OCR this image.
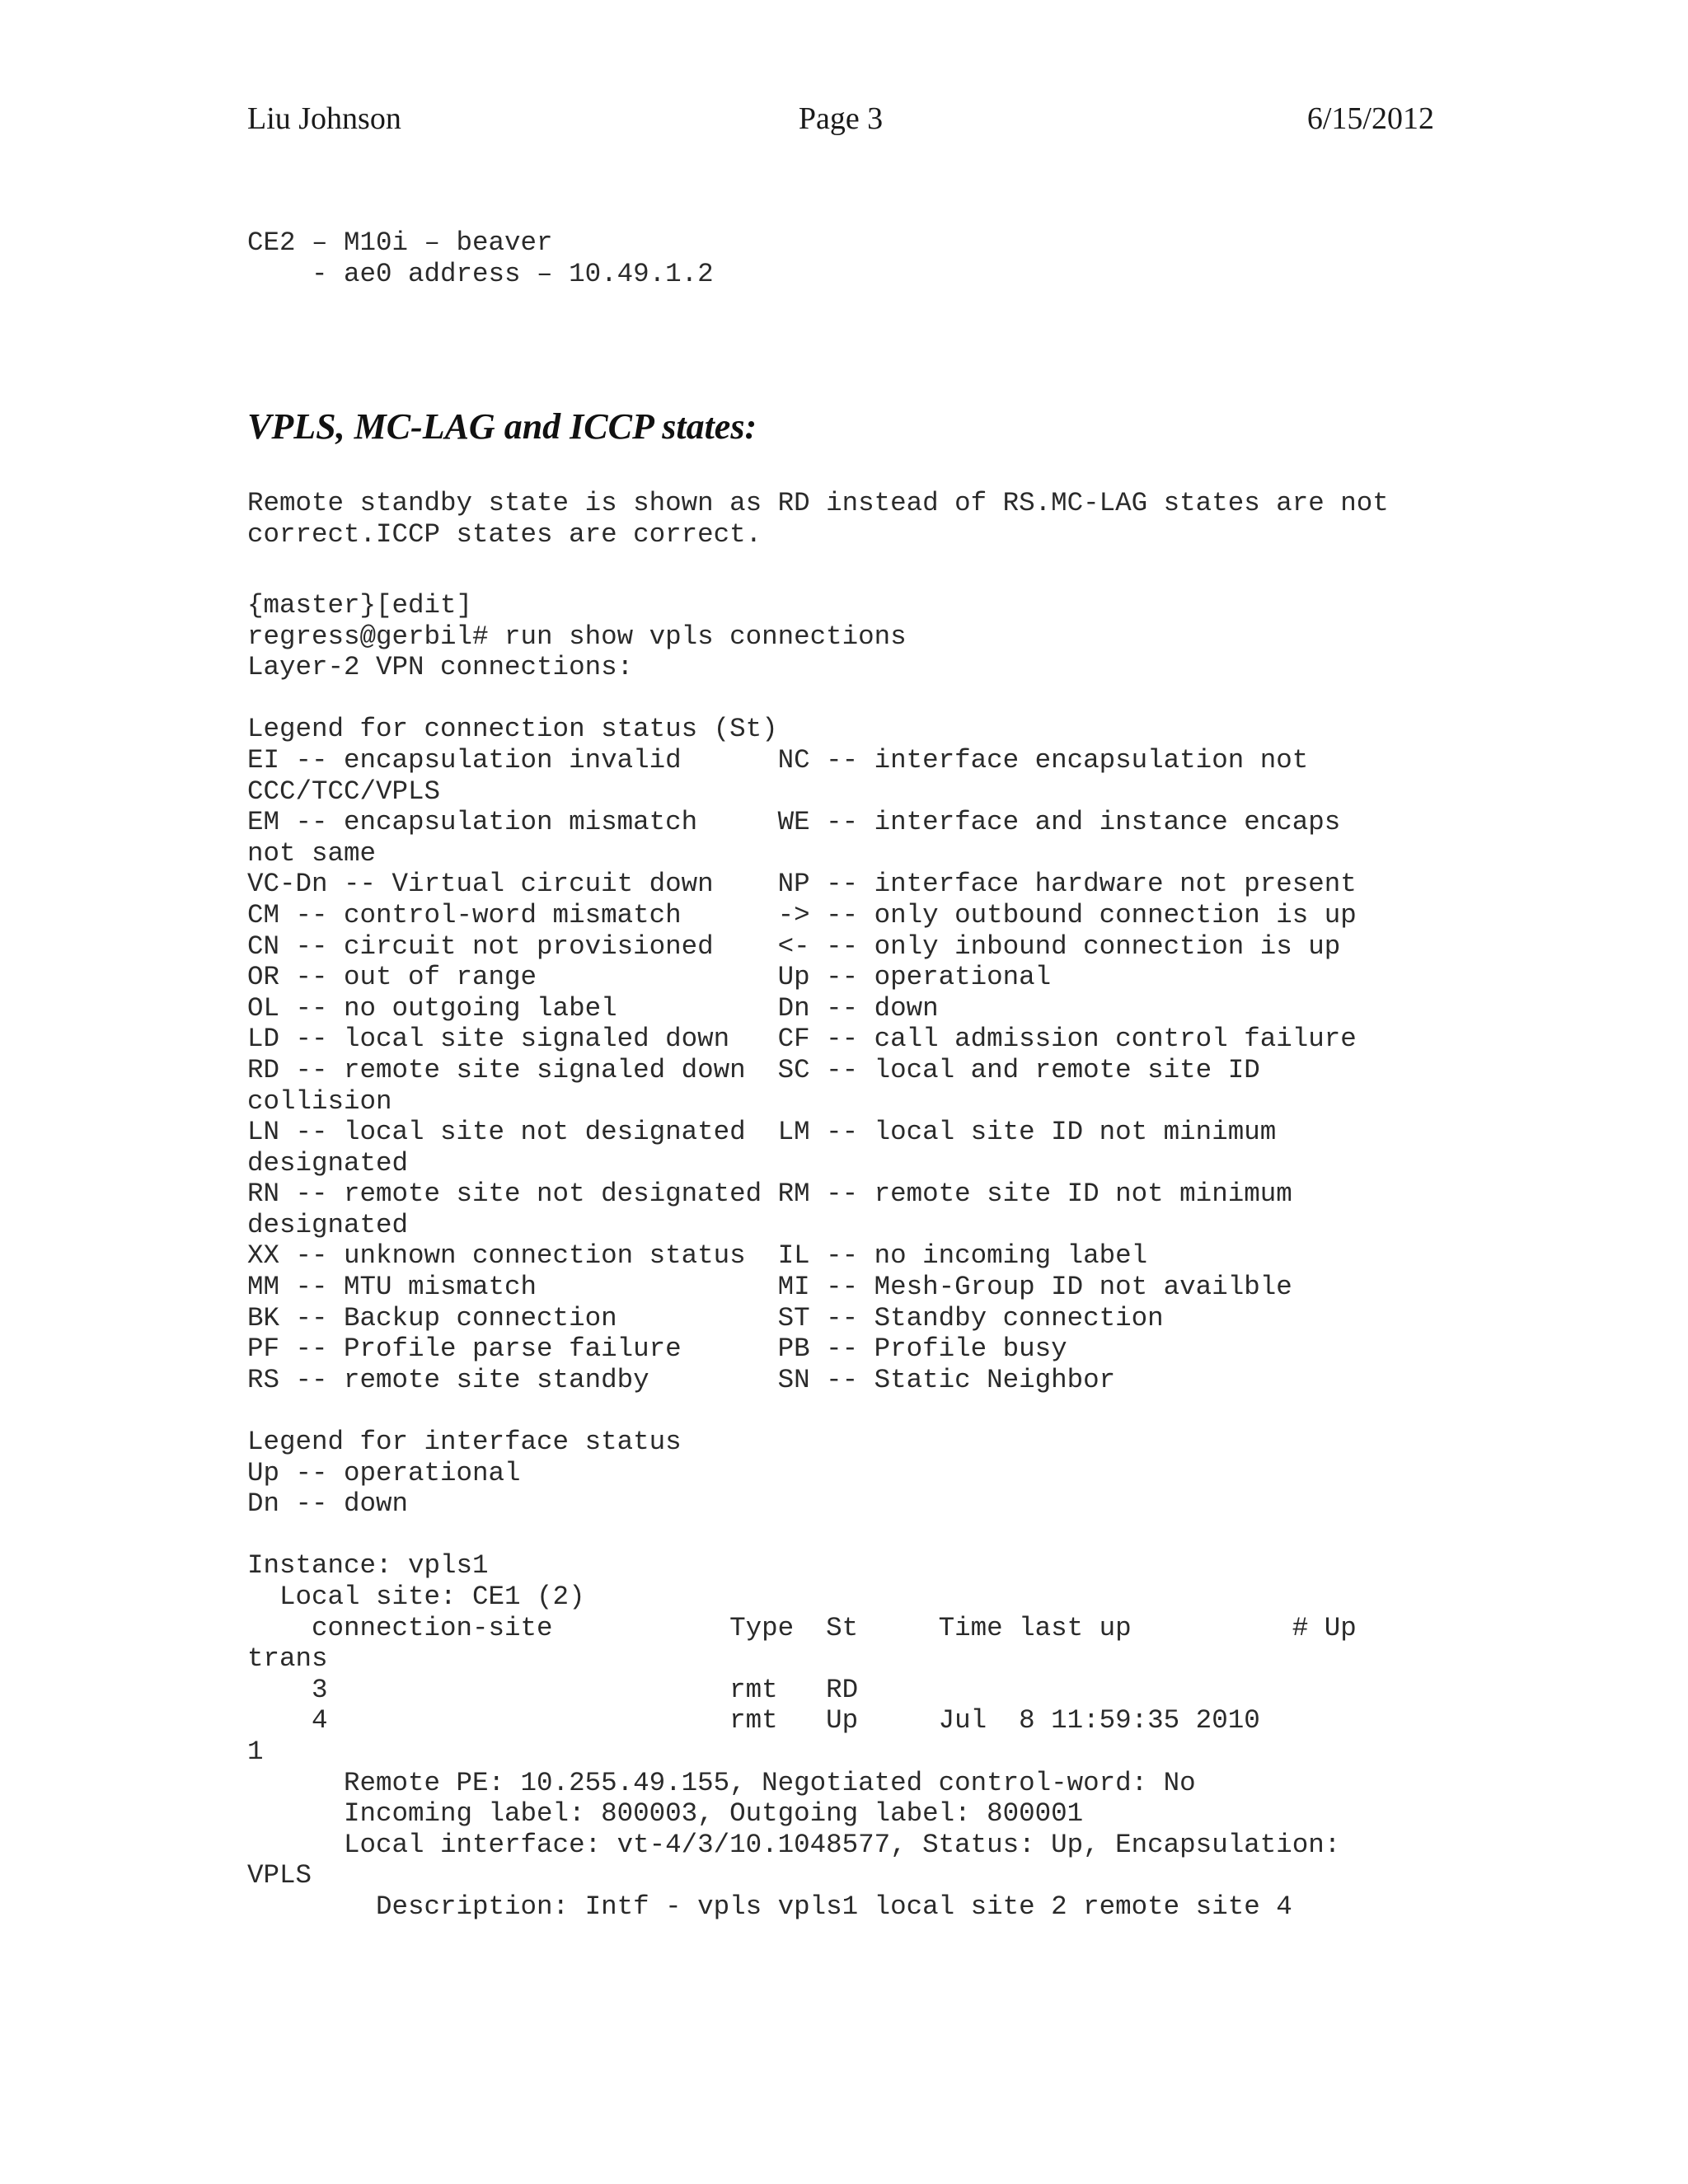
Liu Johnson	Page 3	6/15/2012
CE2 – M10i – beaver
- ae0 address – 10.49.1.2
VPLS, MC-LAG and ICCP states:
Remote standby state is shown as RD instead of RS.MC-LAG states are not
correct.ICCP states are correct.
{master}[edit]
regress@gerbil# run show vpls connections
Layer-2 VPN connections:

Legend for connection status (St)
EI -- encapsulation invalid      NC -- interface encapsulation not
CCC/TCC/VPLS
EM -- encapsulation mismatch     WE -- interface and instance encaps
not same
VC-Dn -- Virtual circuit down    NP -- interface hardware not present
CM -- control-word mismatch      -> -- only outbound connection is up
CN -- circuit not provisioned    <- -- only inbound connection is up
OR -- out of range               Up -- operational
OL -- no outgoing label          Dn -- down
LD -- local site signaled down   CF -- call admission control failure
RD -- remote site signaled down  SC -- local and remote site ID
collision
LN -- local site not designated  LM -- local site ID not minimum
designated
RN -- remote site not designated RM -- remote site ID not minimum
designated
XX -- unknown connection status  IL -- no incoming label
MM -- MTU mismatch               MI -- Mesh-Group ID not availble
BK -- Backup connection          ST -- Standby connection
PF -- Profile parse failure      PB -- Profile busy
RS -- remote site standby        SN -- Static Neighbor

Legend for interface status
Up -- operational
Dn -- down

Instance: vpls1
Local site: CE1 (2)
connection-site           Type  St     Time last up          # Up
trans
3                         rmt   RD
4                         rmt   Up     Jul  8 11:59:35 2010
1
Remote PE: 10.255.49.155, Negotiated control-word: No
Incoming label: 800003, Outgoing label: 800001
Local interface: vt-4/3/10.1048577, Status: Up, Encapsulation:
VPLS
Description: Intf - vpls vpls1 local site 2 remote site 4
